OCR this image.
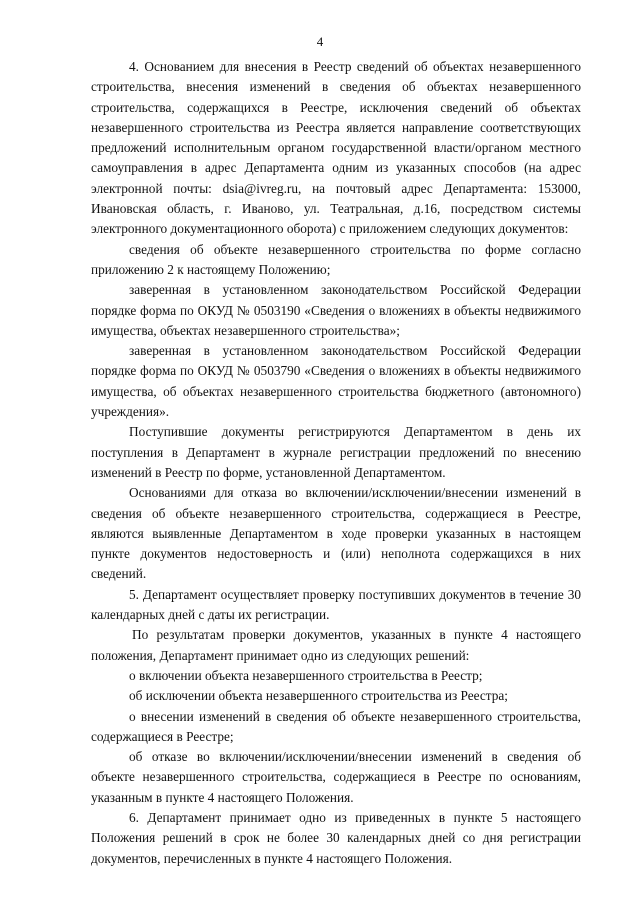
4

4. Основанием для внесения в Реестр сведений об объектах незавершенного строительства, внесения изменений в сведения об объектах незавершенного строительства, содержащихся в Реестре, исключения сведений об объектах незавершенного строительства из Реестра является направление соответствующих предложений исполнительным органом государственной власти/органом местного самоуправления в адрес Департамента одним из указанных способов (на адрес электронной почты: dsia@ivreg.ru, на почтовый адрес Департамента: 153000, Ивановская область, г. Иваново, ул. Театральная, д.16, посредством системы электронного документационного оборота) с приложением следующих документов:

сведения об объекте незавершенного строительства по форме согласно приложению 2 к настоящему Положению;

заверенная в установленном законодательством Российской Федерации порядке форма по ОКУД № 0503190 «Сведения о вложениях в объекты недвижимого имущества, объектах незавершенного строительства»;

заверенная в установленном законодательством Российской Федерации порядке форма по ОКУД № 0503790 «Сведения о вложениях в объекты недвижимого имущества, об объектах незавершенного строительства бюджетного (автономного) учреждения».

Поступившие документы регистрируются Департаментом в день их поступления в Департамент в журнале регистрации предложений по внесению изменений в Реестр по форме, установленной Департаментом.

Основаниями для отказа во включении/исключении/внесении изменений в сведения об объекте незавершенного строительства, содержащиеся в Реестре, являются выявленные Департаментом в ходе проверки указанных в настоящем пункте документов недостоверность и (или) неполнота содержащихся в них сведений.

5. Департамент осуществляет проверку поступивших документов в течение 30 календарных дней с даты их регистрации.

По результатам проверки документов, указанных в пункте 4 настоящего положения, Департамент принимает одно из следующих решений:

о включении объекта незавершенного строительства в Реестр;

об исключении объекта незавершенного строительства из Реестра;

о внесении изменений в сведения об объекте незавершенного строительства, содержащиеся в Реестре;

об отказе во включении/исключении/внесении изменений в сведения об объекте незавершенного строительства, содержащиеся в Реестре по основаниям, указанным в пункте 4 настоящего Положения.

6. Департамент принимает одно из приведенных в пункте 5 настоящего Положения решений в срок не более 30 календарных дней со дня регистрации документов, перечисленных в пункте 4 настоящего Положения.
